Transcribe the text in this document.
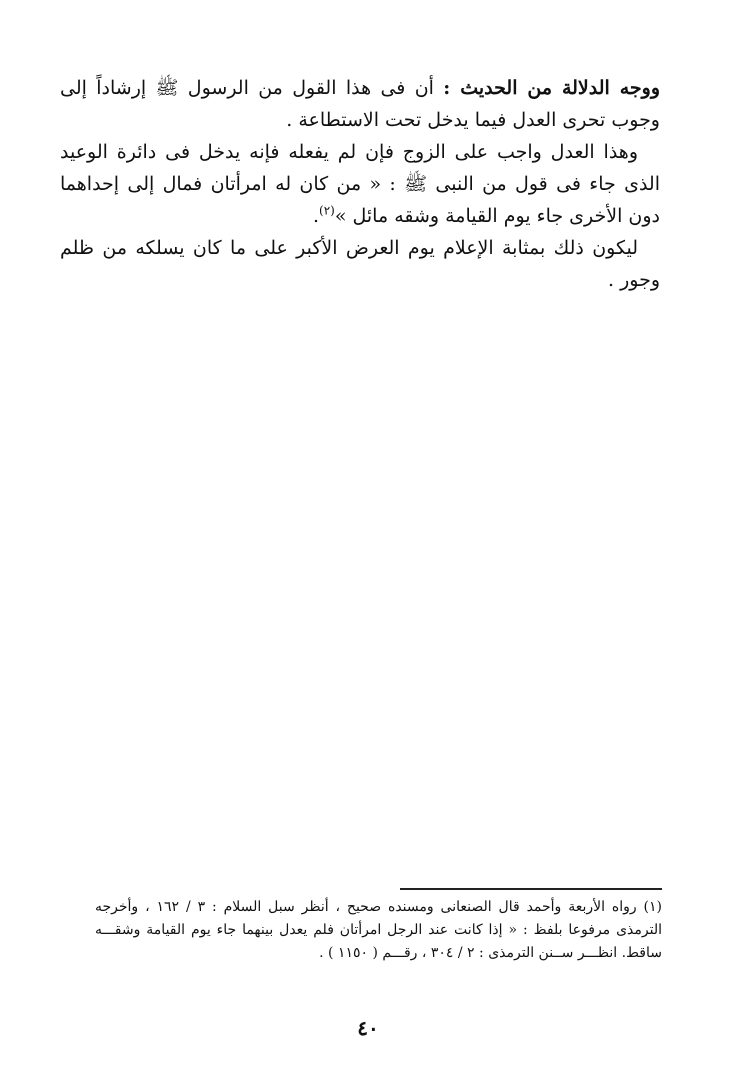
ووجه الدلالة من الحديث : أن فى هذا القول من الرسول ﷺ إرشاداً إلى وجوب تحرى العدل فيما يدخل تحت الاستطاعة .

وهذا العدل واجب على الزوج فإن لم يفعله فإنه يدخل فى دائرة الوعيد الذى جاء فى قول من النبى ﷺ : « من كان له امرأتان فمال إلى إحداهما دون الأخرى جاء يوم القيامة وشقه مائل »$^{(٢)}$.

ليكون ذلك بمثابة الإعلام يوم العرض الأكبر على ما كان يسلكه من ظلم وجور .

(١) رواه الأربعة وأحمد قال الصنعانى ومسنده صحيح ، أنظر سبل السلام : ٣ / ١٦٢ ، وأخرجه الترمذى مرفوعا بلفظ : « إذا كانت عند الرجل امرأتان فلم يعدل بينهما جاء يوم القيامة وشقـــه ساقط. انظـــر ســنن الترمذى : ٢ / ٣٠٤ ، رقـــم ( ١١٥٠ ) .

٤٠
